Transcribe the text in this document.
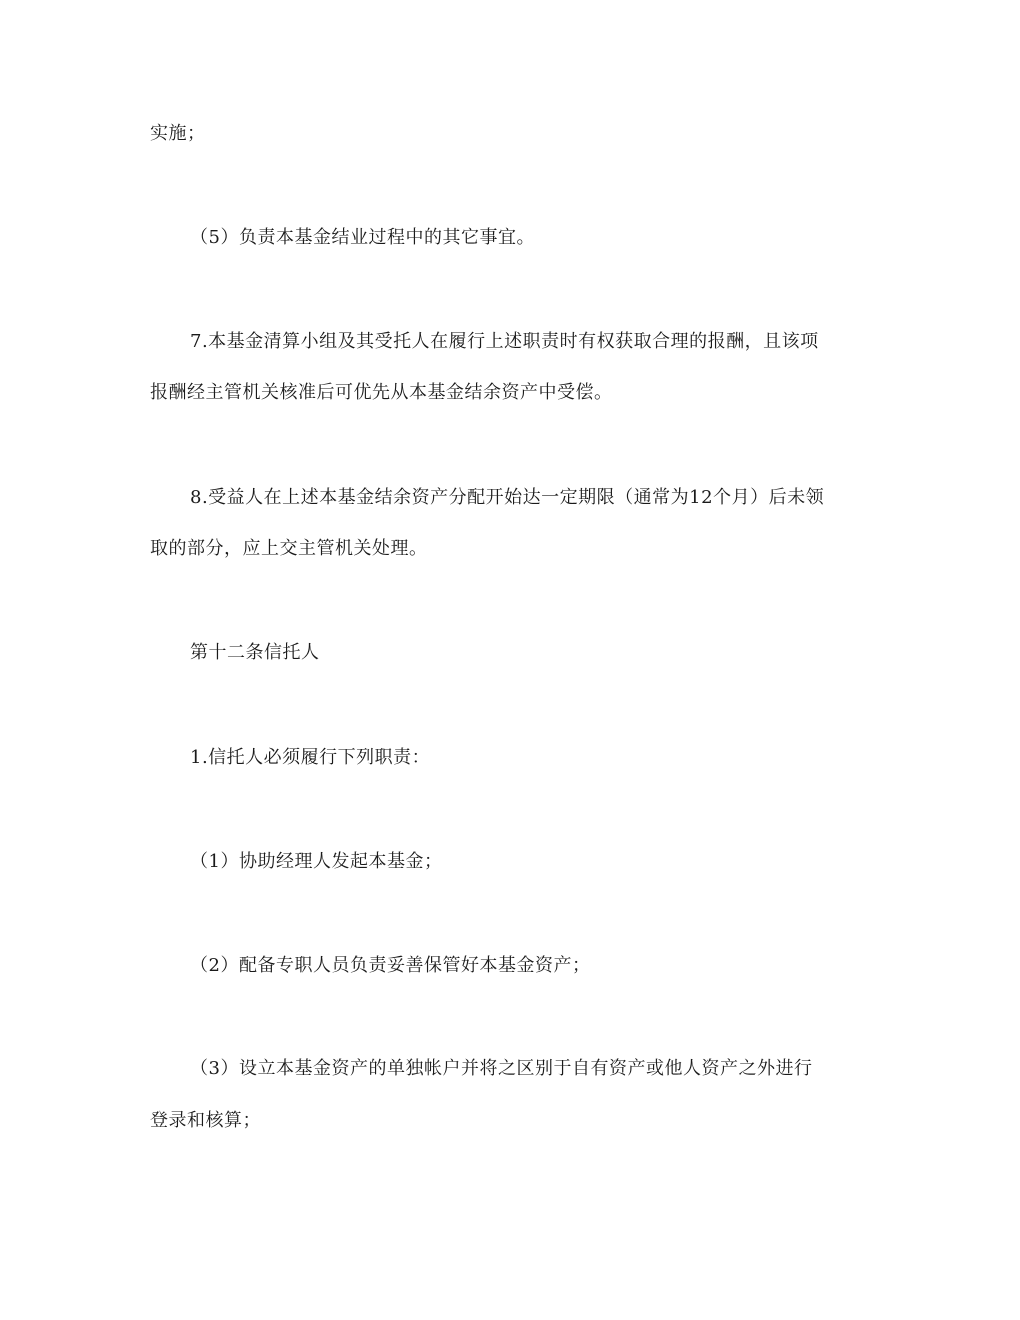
实施；
（5）负责本基金结业过程中的其它事宜。
7.本基金清算小组及其受托人在履行上述职责时有权获取合理的报酬，且该项
报酬经主管机关核准后可优先从本基金结余资产中受偿。
8.受益人在上述本基金结余资产分配开始达一定期限（通常为12个月）后未领
取的部分，应上交主管机关处理。
第十二条信托人
1.信托人必须履行下列职责：
（1）协助经理人发起本基金；
（2）配备专职人员负责妥善保管好本基金资产；
（3）设立本基金资产的单独帐户并将之区别于自有资产或他人资产之外进行
登录和核算；
